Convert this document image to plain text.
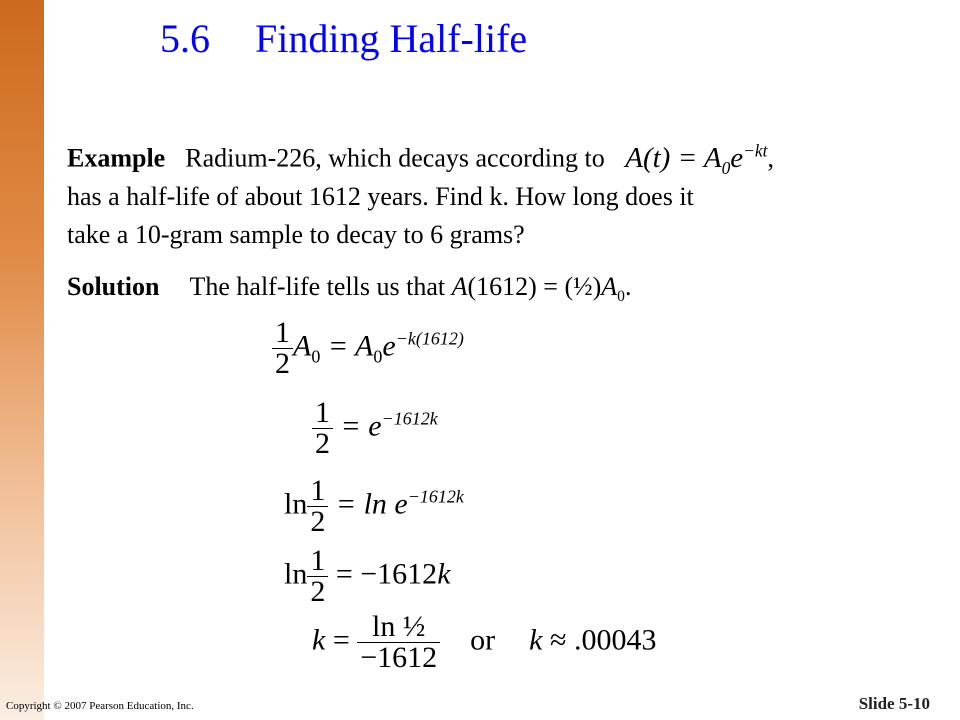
5.6 Finding Half-life
Example Radium-226, which decays according to $A(t) = A_0e^{-kt}$,
has a half-life of about 1612 years. Find k. How long does it
take a 10-gram sample to decay to 6 grams?
Solution The half-life tells us that $A(1612) = (\frac{1}{2})A_0$.
$\frac{1}{2} A_0 = A_0e^{-k(1612)}$
$\frac{1}{2} = e^{-1612k}$
$\ln \frac{1}{2} = \ln e^{-1612k}$
$\ln \frac{1}{2} = -1612k$
$k = \frac{\text{ln ½}}{-1612}$ or k ≈ .00043
Copyright © 2007 Pearson Education, Inc.	Slide 5-10
